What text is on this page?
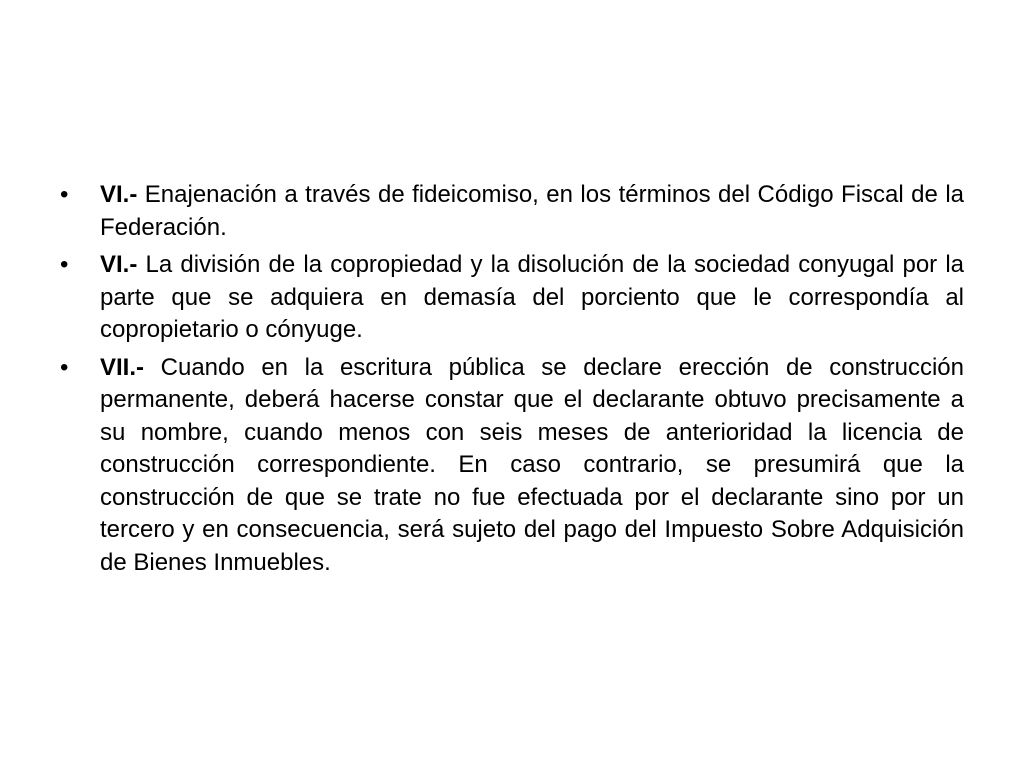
•	VI.- Enajenación a través de fideicomiso, en los términos del Código Fiscal de la Federación.

•	VI.- La división de la copropiedad y la disolución de la sociedad conyugal por la parte que se adquiera en demasía del porciento que le correspondía al copropietario o cónyuge.

•	VII.- Cuando en la escritura pública se declare erección de construcción permanente, deberá hacerse constar que el declarante obtuvo precisamente a su nombre, cuando menos con seis meses de anterioridad la licencia de construcción correspondiente. En caso contrario, se presumirá que la construcción de que se trate no fue efectuada por el declarante sino por un tercero y en consecuencia, será sujeto del pago del Impuesto Sobre Adquisición de Bienes Inmuebles.
